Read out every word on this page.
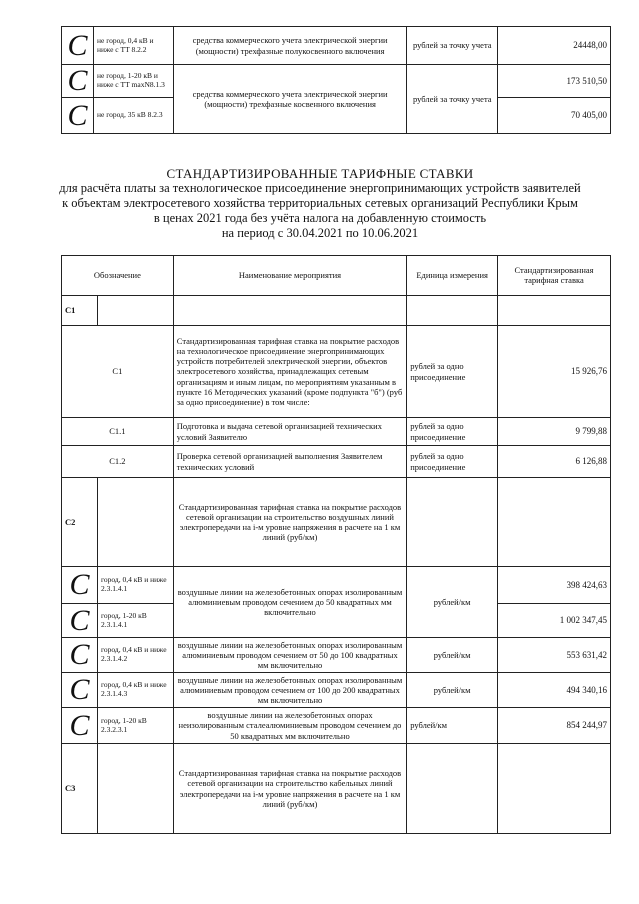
C	не город, 0,4 кВ и ниже с ТТ 8.2.2	средства коммерческого учета электрической энергии (мощности) трехфазные полукосвенного включения	рублей за точку учета	24448,00
C	не город, 1-20 кВ и ниже с ТТ maxN8.1.3	средства коммерческого учета электрической энергии (мощности) трехфазные косвенного включения	рублей за точку учета	173 510,50
C	не город, 35 кВ 8.2.3			70 405,00
СТАНДАРТИЗИРОВАННЫЕ ТАРИФНЫЕ СТАВКИ
для расчёта платы за технологическое присоединение энергопринимающих устройств заявителей
к объектам электросетевого хозяйства территориальных сетевых организаций Республики Крым
в ценах 2021 года без учёта налога на добавленную стоимость
на период с 30.04.2021 по 10.06.2021
Обозначение		Наименование мероприятия	Единица измерения	Стандартизированная тарифная ставка
C1				
C1		Стандартизированная тарифная ставка на покрытие расходов на технологическое присоединение энергопринимающих устройств потребителей электрической энергии, объектов электросетевого хозяйства, принадлежащих сетевым организациям и иным лицам, по мероприятиям указанным в пункте 16 Методических указаний (кроме подпункта "б") (руб за одно присоединение) в том числе:	рублей за одно присоединение	15 926,76
C1.1		Подготовка и выдача сетевой организацией технических условий Заявителю	рублей за одно присоединение	9 799,88
C1.2		Проверка сетевой организацией выполнения Заявителем технических условий	рублей за одно присоединение	6 126,88
C2		Стандартизированная тарифная ставка на покрытие расходов сетевой организации на строительство воздушных линий электропередачи на i-м уровне напряжения в расчете на 1 км линий (руб/км)		
C	город, 0,4 кВ и ниже 2.3.1.4.1	воздушные линии на железобетонных опорах изолированным алюминиевым проводом сечением до 50 квадратных мм включительно	рублей/км	398 424,63
C	город, 1-20 кВ 2.3.1.4.1			1 002 347,45
C	город, 0,4 кВ и ниже 2.3.1.4.2	воздушные линии на железобетонных опорах изолированным алюминиевым проводом сечением от 50 до 100 квадратных мм включительно	рублей/км	553 631,42
C	город, 0,4 кВ и ниже 2.3.1.4.3	воздушные линии на железобетонных опорах изолированным алюминиевым проводом сечением от 100 до 200 квадратных мм включительно	рублей/км	494 340,16
C	город, 1-20 кВ 2.3.2.3.1	воздушные линии на железобетонных опорах неизолированным сталеалюминиевым проводом сечением до 50 квадратных мм включительно	рублей/км	854 244,97
C3		Стандартизированная тарифная ставка на покрытие расходов сетевой организации на строительство кабельных линий электропередачи на i-м уровне напряжения в расчете на 1 км линий (руб/км)		
